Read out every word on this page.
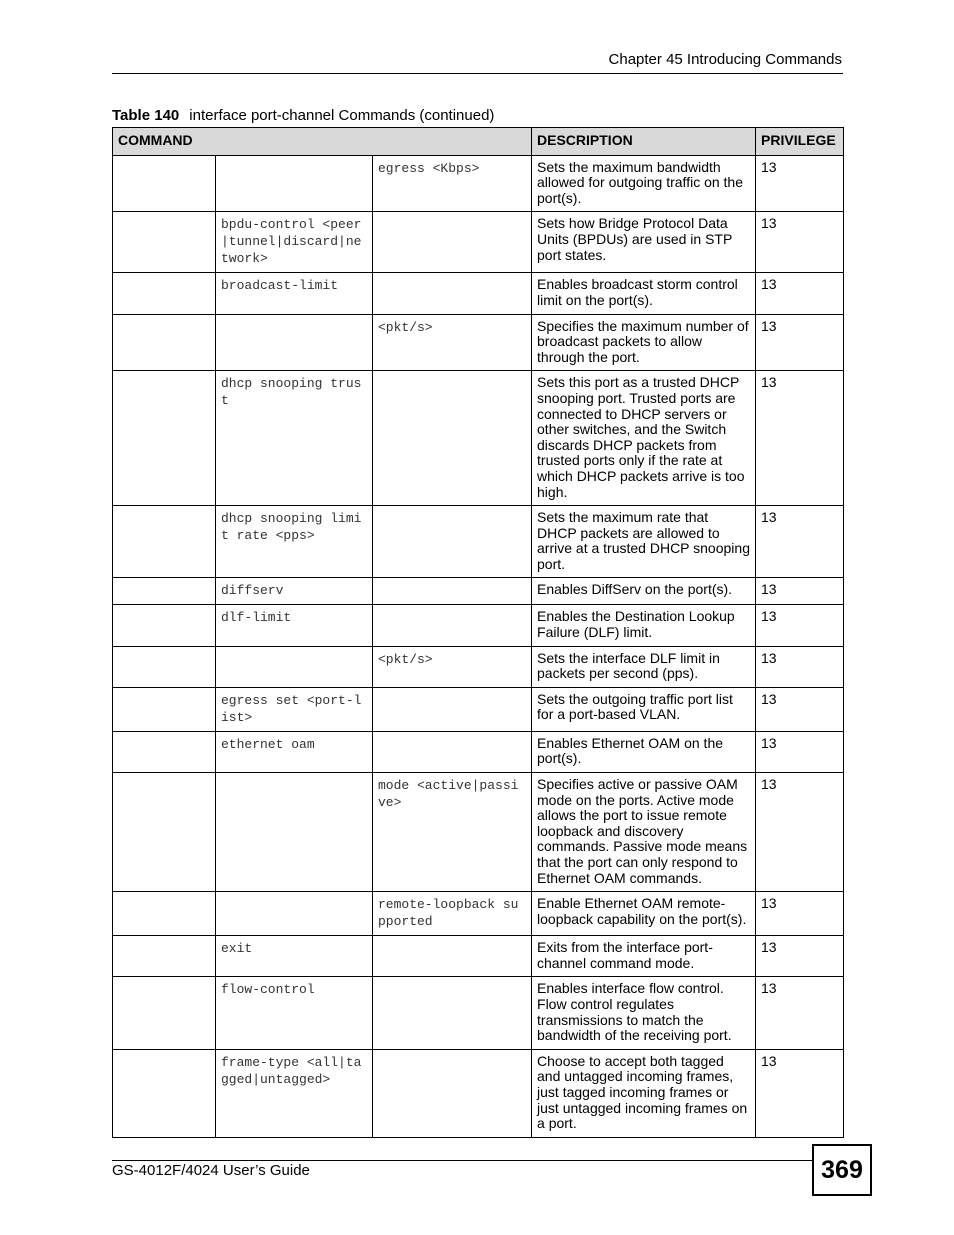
Chapter 45 Introducing Commands
Table 140 interface port-channel Commands (continued)
COMMAND			DESCRIPTION	PRIVILEGE
		egress <Kbps>	Sets the maximum bandwidth allowed for outgoing traffic on the port(s).	13
	bpdu-control <peer|tunnel|discard|network>		Sets how Bridge Protocol Data Units (BPDUs) are used in STP port states.	13
	broadcast-limit		Enables broadcast storm control limit on the port(s).	13
		<pkt/s>	Specifies the maximum number of broadcast packets to allow through the port.	13
	dhcp snooping trust		Sets this port as a trusted DHCP snooping port. Trusted ports are connected to DHCP servers or other switches, and the Switch discards DHCP packets from trusted ports only if the rate at which DHCP packets arrive is too high.	13
	dhcp snooping limit rate <pps>		Sets the maximum rate that DHCP packets are allowed to arrive at a trusted DHCP snooping port.	13
	diffserv		Enables DiffServ on the port(s).	13
	dlf-limit		Enables the Destination Lookup Failure (DLF) limit.	13
		<pkt/s>	Sets the interface DLF limit in packets per second (pps).	13
	egress set <port-list>		Sets the outgoing traffic port list for a port-based VLAN.	13
	ethernet oam		Enables Ethernet OAM on the port(s).	13
		mode <active|passive>	Specifies active or passive OAM mode on the ports. Active mode allows the port to issue remote loopback and discovery commands. Passive mode means that the port can only respond to Ethernet OAM commands.	13
		remote-loopback supported	Enable Ethernet OAM remote-loopback capability on the port(s).	13
	exit		Exits from the interface port-channel command mode.	13
	flow-control		Enables interface flow control. Flow control regulates transmissions to match the bandwidth of the receiving port.	13
	frame-type <all|tagged|untagged>		Choose to accept both tagged and untagged incoming frames, just tagged incoming frames or just untagged incoming frames on a port.	13
GS-4012F/4024 User’s Guide	369
